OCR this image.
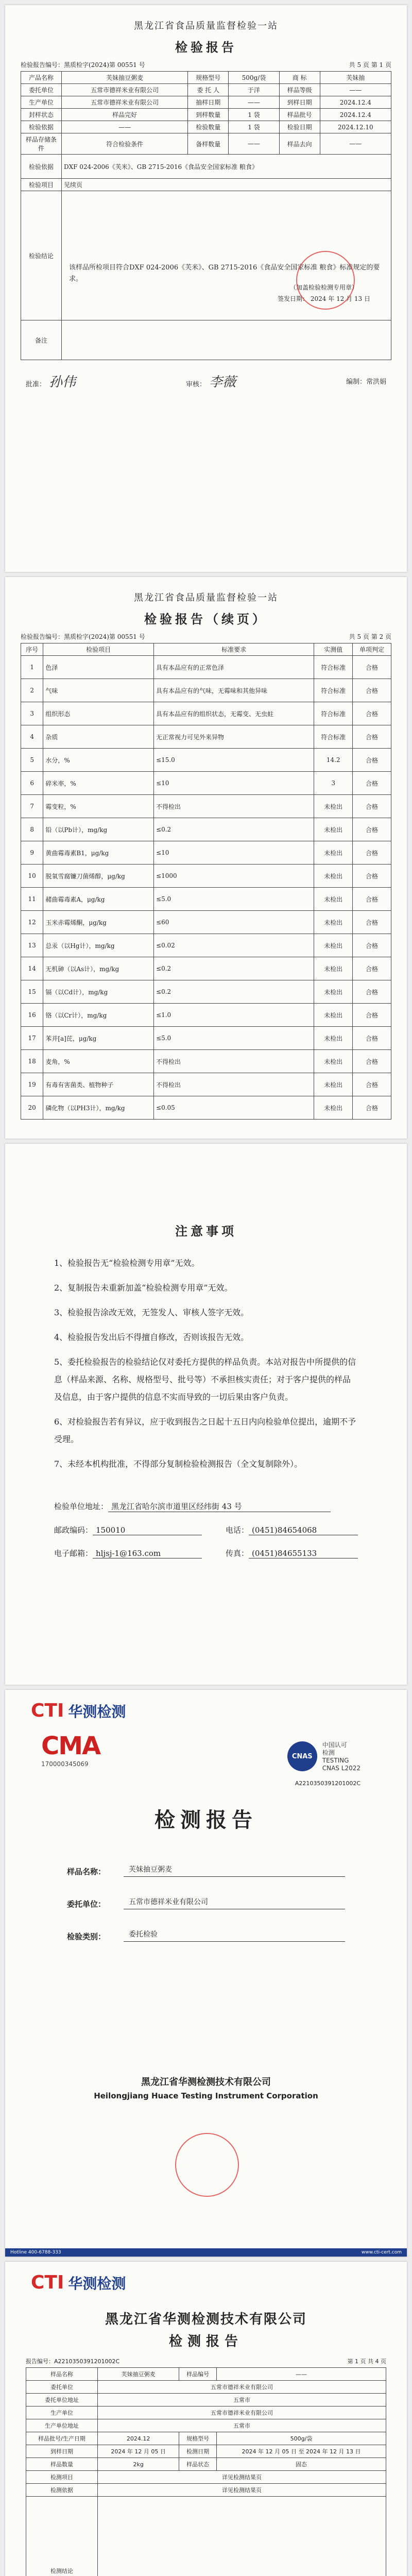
黑龙江省食品质量监督检验一站
检验报告
检验报告编号：黑质检字(2024)第 00551 号	共 5 页 第 1 页
产品名称	芙妹抽豆粥麦	规格型号	500g/袋	商 标	芙妹抽
委托单位	五常市德祥米业有限公司	委 托 人	于洋	样品等级	——
生产单位	五常市德祥米业有限公司	抽样日期	——	到样日期	2024.12.4
封样状态	样品完好	到样数量	1 袋	样品批号	2024.12.4
检验依据	——	检验数量	1 袋	检验日期	2024.12.10
样品存储条件	符合检验条件	备样数量	——	样品去向	——
检验依据	DXF 024-2006《芙米》、GB 2715-2016《食品安全国家标准 粮食》				
检验项目	见续页				
检验结论	该样品所检项目符合DXF 024-2006《芙米》、GB 2715-2016《食品安全国家标准 粮食》标准规定的要求。
（加盖检验检测专用章）
签发日期： 2024 年 12 月 13 日				

备注					
批准： 孙伟	审核： 李薇	编制：常洪娟
黑龙江省食品质量监督检验一站
检验报告（续页）
检验报告编号：黑质检字(2024)第 00551 号	共 5 页 第 2 页
序号	检验项目	标准要求	实测值	单项判定
1	色泽	具有本品应有的正常色泽	符合标准	合格
2	气味	具有本品应有的气味，无霉味和其他异味	符合标准	合格
3	组织形态	具有本品应有的组织状态，无霉变、无虫蛀	符合标准	合格
4	杂质	无正常视力可见外来异物	符合标准	合格
5	水分，%	≤15.0	14.2	合格
6	碎米率，%	≤10	3	合格
7	霉变粒，%	不得检出	未检出	合格
8	铅（以Pb计），mg/kg	≤0.2	未检出	合格
9	黄曲霉毒素B1，μg/kg	≤10	未检出	合格
10	脱氧雪腐镰刀菌烯醇，μg/kg	≤1000	未检出	合格
11	赭曲霉毒素A，μg/kg	≤5.0	未检出	合格
12	玉米赤霉烯酮，μg/kg	≤60	未检出	合格
13	总汞（以Hg计），mg/kg	≤0.02	未检出	合格
14	无机砷（以As计），mg/kg	≤0.2	未检出	合格
15	镉（以Cd计），mg/kg	≤0.2	未检出	合格
16	铬（以Cr计），mg/kg	≤1.0	未检出	合格
17	苯并[a]芘，μg/kg	≤5.0	未检出	合格
18	麦角，%	不得检出	未检出	合格
19	有毒有害菌类、植物种子	不得检出	未检出	合格
20	磷化物（以PH3计），mg/kg	≤0.05	未检出	合格
注意事项
1、检验报告无“检验检测专用章”无效。
2、复制报告未重新加盖“检验检测专用章”无效。
3、检验报告涂改无效，无签发人、审核人签字无效。
4、检验报告发出后不得擅自修改，否则该报告无效。
5、委托检验报告的检验结论仅对委托方提供的样品负责。本站对报告中所提供的信息（样品来源、名称、规格型号、批号等）不承担核实责任；对于客户提供的样品及信息，由于客户提供的信息不实而导致的一切后果由客户负责。
6、对检验报告若有异议，应于收到报告之日起十五日内向检验单位提出，逾期不予受理。
7、未经本机构批准，不得部分复制检验检测报告（全文复制除外）。
检验单位地址： 黑龙江省哈尔滨市道里区经纬街 43 号
邮政编码： 150010	电话： (0451)84654068
电子邮箱： hljsj-1@163.com	传真： (0451)84655133
CTI 华测检测
CMA
170000345069
CNAS
中国认可
检测
TESTING
CNAS L2022
A2210350391201002C
检测报告
样品名称：	芙妹抽豆粥麦
委托单位：	五常市德祥米业有限公司
检验类别：	委托检验
黑龙江省华测检测技术有限公司
Heilongjiang Huace Testing Instrument Corporation
Hotline 400-6788-333	www.cti-cert.com
CTI 华测检测
黑龙江省华测检测技术有限公司
检测报告
报告编号：A2210350391201002C	第 1 页 共 4 页
样品名称	芙妹抽豆粥麦	样品编号	——
委托单位	五常市德祥米业有限公司		
委托单位地址	五常市		
生产单位	五常市德祥米业有限公司		
生产单位地址	五常市		
样品批号/生产日期	2024.12	规格型号	500g/袋
到样日期	2024 年 12 月 05 日	检测日期	2024 年 12 月 05 日 至 2024 年 12 月 13 日
样品数量	2kg	样品状态	固态
检测项目	详见检测结果页		
检测依据	详见检测结果页		
检测结论			
